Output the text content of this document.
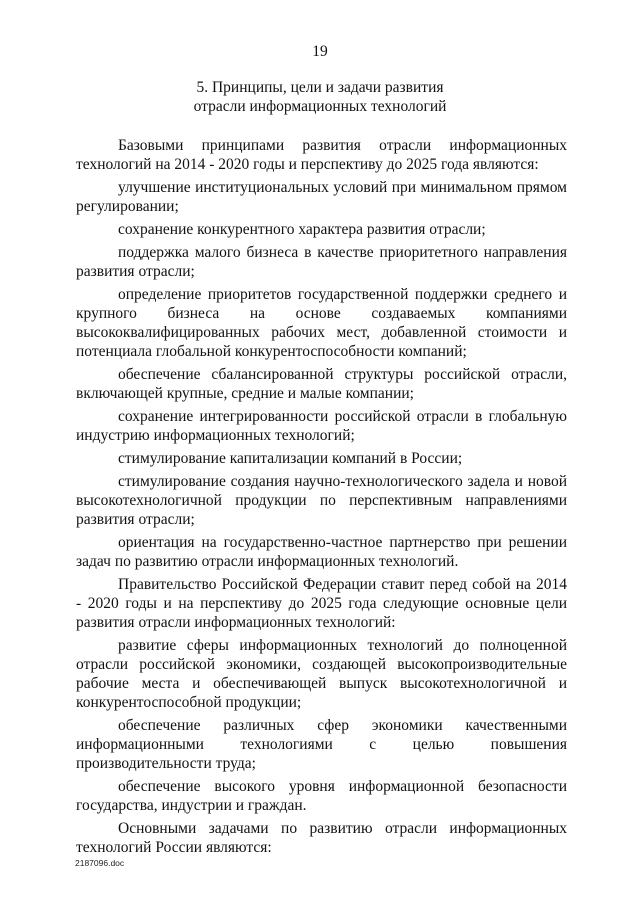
19
5. Принципы, цели и задачи развития
отрасли информационных технологий

Базовыми принципами развития отрасли информационных технологий на 2014 - 2020 годы и перспективу до 2025 года являются:

улучшение институциональных условий при минимальном прямом регулировании;

сохранение конкурентного характера развития отрасли;

поддержка малого бизнеса в качестве приоритетного направления развития отрасли;

определение приоритетов государственной поддержки среднего и крупного бизнеса на основе создаваемых компаниями высококвалифицированных рабочих мест, добавленной стоимости и потенциала глобальной конкурентоспособности компаний;

обеспечение сбалансированной структуры российской отрасли, включающей крупные, средние и малые компании;

сохранение интегрированности российской отрасли в глобальную индустрию информационных технологий;

стимулирование капитализации компаний в России;

стимулирование создания научно-технологического задела и новой высокотехнологичной продукции по перспективным направлениями развития отрасли;

ориентация на государственно-частное партнерство при решении задач по развитию отрасли информационных технологий.

Правительство Российской Федерации ставит перед собой на 2014 - 2020 годы и на перспективу до 2025 года следующие основные цели развития отрасли информационных технологий:

развитие сферы информационных технологий до полноценной отрасли российской экономики, создающей высокопроизводительные рабочие места и обеспечивающей выпуск высокотехнологичной и конкурентоспособной продукции;

обеспечение различных сфер экономики качественными информационными технологиями с целью повышения производительности труда;

обеспечение высокого уровня информационной безопасности государства, индустрии и граждан.

Основными задачами по развитию отрасли информационных технологий России являются:

2187096.doc
